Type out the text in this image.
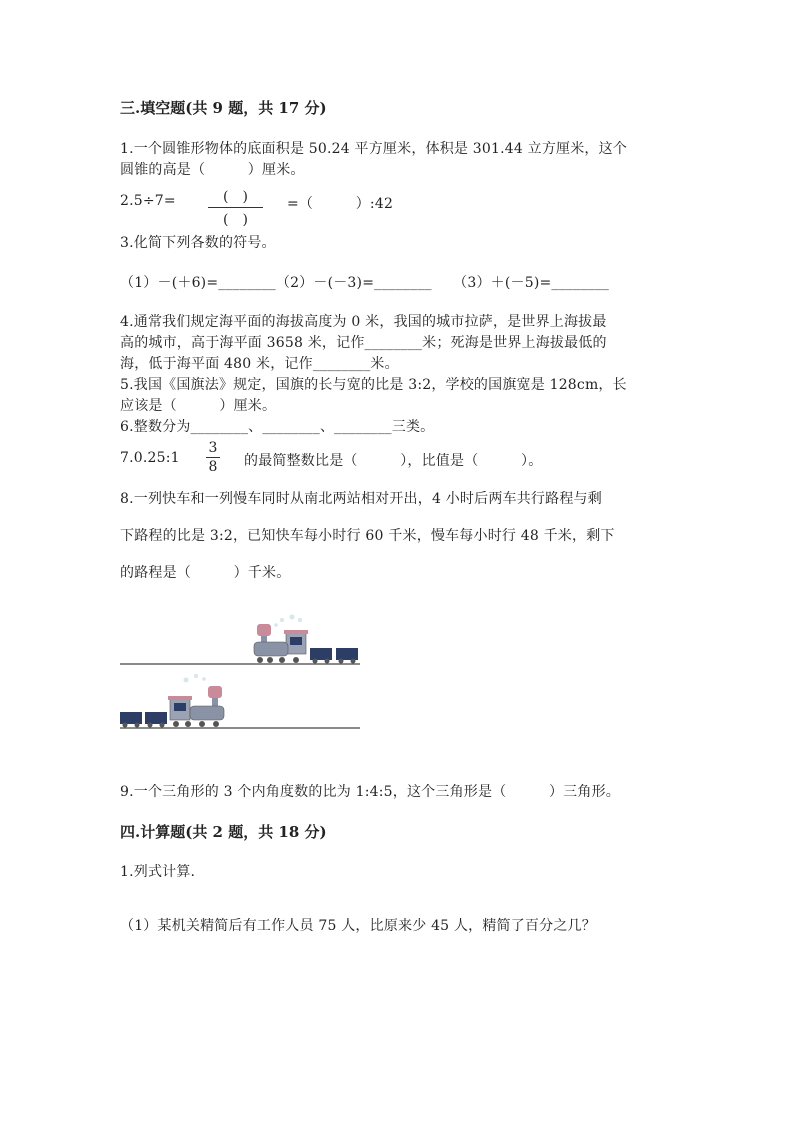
三.填空题(共 9 题，共 17 分)
1.一个圆锥形物体的底面积是 50.24 平方厘米，体积是 301.44 立方厘米，这个
圆锥的高是（　　　）厘米。
2.5÷7=	(　)
(　)
=（　　　）:42
3.化简下列各数的符号。
（1）－(＋6)=________（2）－(－3)=________　　（3）＋(－5)=________
4.通常我们规定海平面的海拔高度为 0 米，我国的城市拉萨，是世界上海拔最
高的城市，高于海平面 3658 米，记作________米；死海是世界上海拔最低的
海，低于海平面 480 米，记作________米。
5.我国《国旗法》规定，国旗的长与宽的比是 3:2，学校的国旗宽是 128cm，长
应该是（　　　）厘米。
6.整数分为________、________、________三类。
7.0.25:1
3
8 的最简整数比是（　　　），比值是（　　　）。
8.一列快车和一列慢车同时从南北两站相对开出，4 小时后两车共行路程与剩
下路程的比是 3:2，已知快车每小时行 60 千米，慢车每小时行 48 千米，剩下
的路程是（　　　）千米。
9.一个三角形的 3 个内角度数的比为 1:4:5，这个三角形是（　　　）三角形。
四.计算题(共 2 题，共 18 分)
1.列式计算.
（1）某机关精简后有工作人员 75 人，比原来少 45 人，精简了百分之几？
